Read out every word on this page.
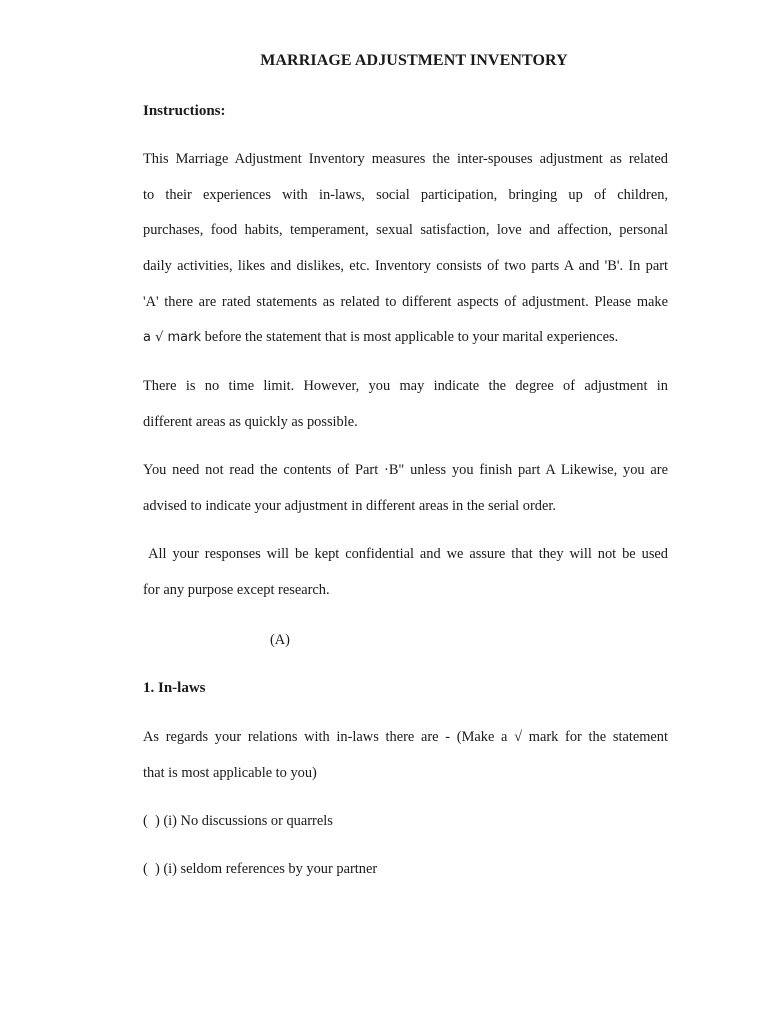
MARRIAGE ADJUSTMENT INVENTORY
Instructions:
This Marriage Adjustment Inventory measures the inter-spouses adjustment as related
to their experiences with in-laws, social participation, bringing up of children,
purchases, food habits, temperament, sexual satisfaction, love and affection, personal
daily activities, likes and dislikes, etc. Inventory consists of two parts A and 'B'. In part
'A' there are rated statements as related to different aspects of adjustment. Please make
a √ mark before the statement that is most applicable to your marital experiences.
There is no time limit. However, you may indicate the degree of adjustment in
different areas as quickly as possible.
You need not read the contents of Part ·B" unless you finish part A Likewise, you are
advised to indicate your adjustment in different areas in the serial order.
All your responses will be kept confidential and we assure that they will not be used
for any purpose except research.
(A)
1. In-laws
As regards your relations with in-laws there are - (Make a √ mark for the statement
that is most applicable to you)
(  ) (i) No discussions or quarrels
(  ) (i) seldom references by your partner
